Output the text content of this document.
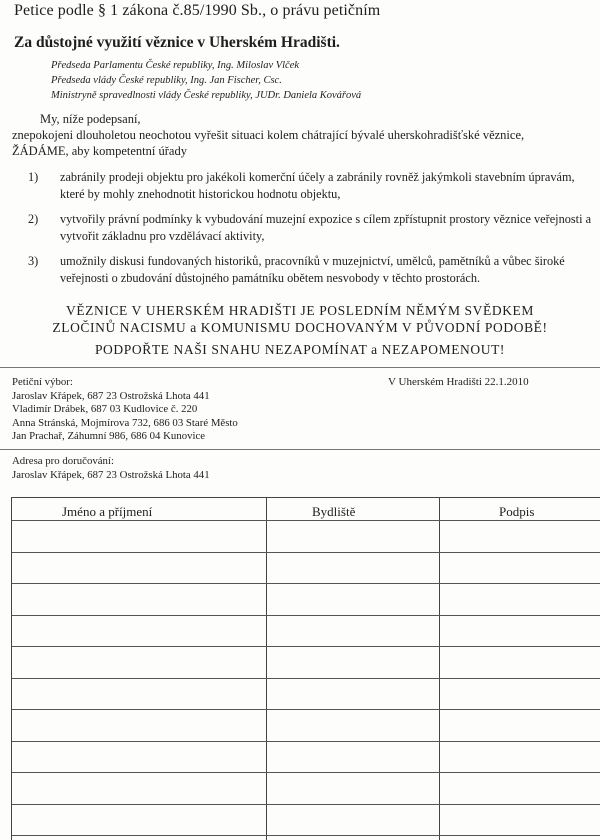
Petice podle § 1 zákona č.85/1990 Sb., o právu petičním
Za důstojné využití věznice v Uherském Hradišti.
Předseda Parlamentu České republiky, Ing. Miloslav Vlček
Předseda vlády České republiky, Ing. Jan Fischer, Csc.
Ministryně spravedlnosti vlády České republiky, JUDr. Daniela Kovářová
My, níže podepsaní,
znepokojeni dlouholetou neochotou vyřešit situaci kolem chátrající bývalé uherskohradišťské věznice,
ŽÁDÁME, aby kompetentní úřady
1) zabránily prodeji objektu pro jakékoli komerční účely a zabránily rovněž jakýmkoli stavebním úpravám, které by mohly znehodnotit historickou hodnotu objektu,
2) vytvořily právní podmínky k vybudování muzejní expozice s cílem zpřístupnit prostory věznice veřejnosti a vytvořit základnu pro vzdělávací aktivity,
3) umožnily diskusi fundovaných historiků, pracovníků v muzejnictví, umělců, pamětníků a vůbec široké veřejnosti o zbudování důstojného památníku obětem nesvobody v těchto prostorách.
VĚZNICE V UHERSKÉM HRADIŠTI JE POSLEDNÍM NĚMÝM SVĚDKEM
ZLOČINŮ NACISMU a KOMUNISMU DOCHOVANÝM V PŮVODNÍ PODOBĚ!
PODPOŘTE NAŠI SNAHU NEZAPOMÍNAT a NEZAPOMENOUT!
Petiční výbor:
Jaroslav Křápek, 687 23 Ostrožská Lhota 441
Vladimír Drábek, 687 03 Kudlovice č. 220
Anna Stránská, Mojmírova 732, 686 03 Staré Město
Jan Prachař, Záhumní 986, 686 04 Kunovice
V Uherském Hradišti 22.1.2010
Adresa pro doručování:
Jaroslav Křápek, 687 23 Ostrožská Lhota 441
Jméno a příjmení	Bydliště	Podpis
